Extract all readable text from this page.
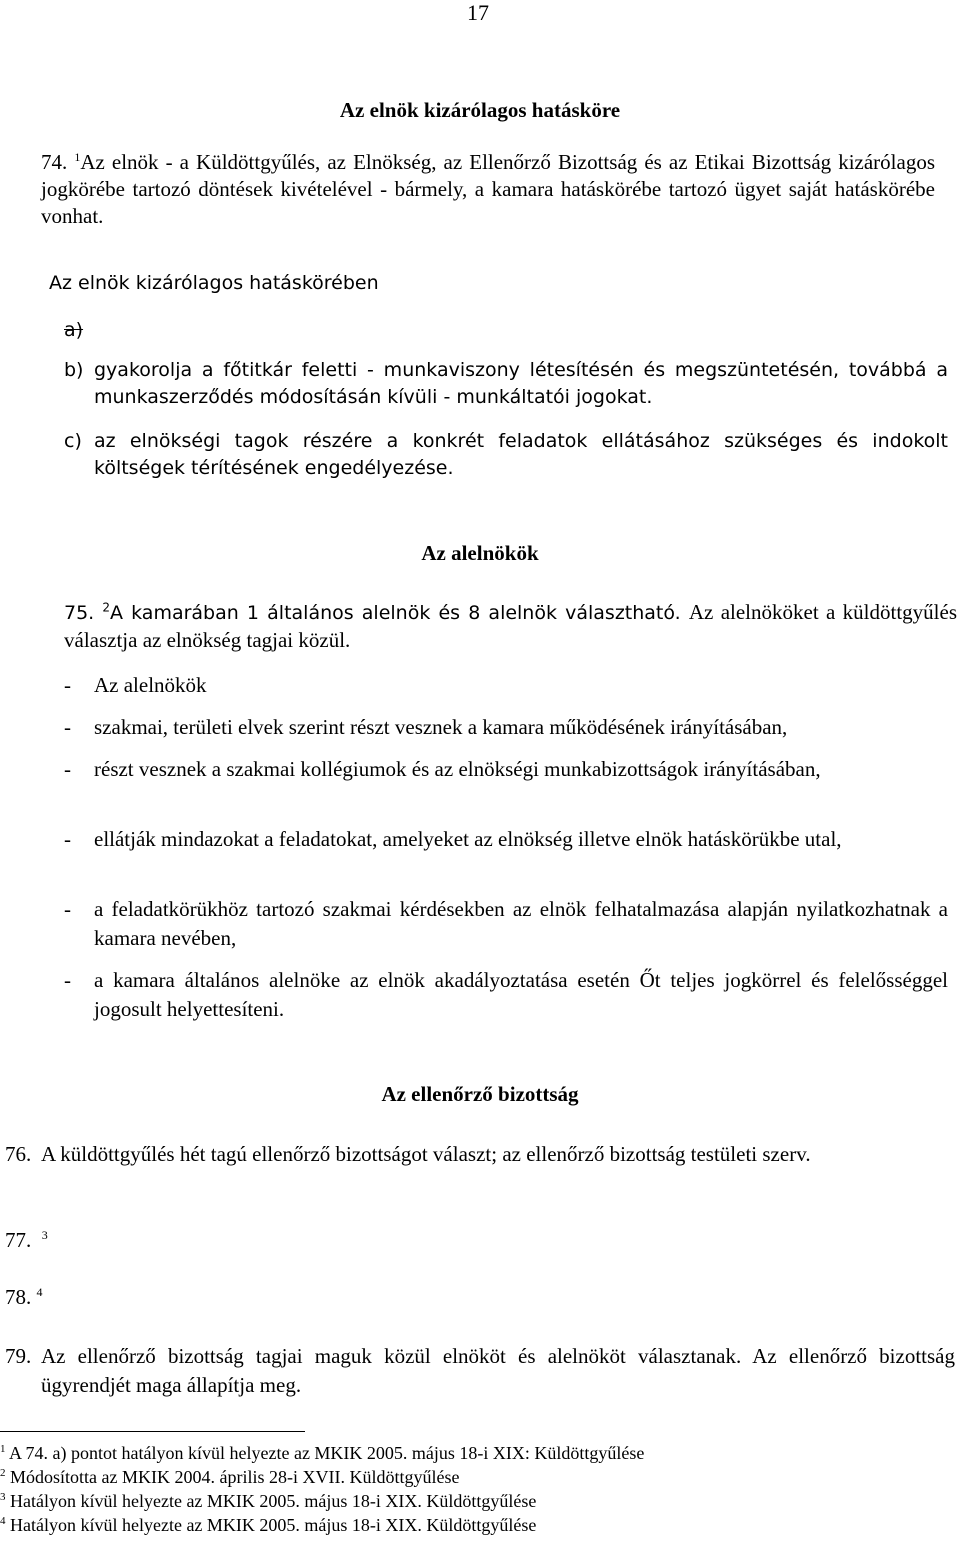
17
Az elnök kizárólagos hatásköre

74. $^1$Az elnök - a Küldöttgyűlés, az Elnökség, az Ellenőrző Bizottság és az Etikai Bizottság kizárólagos jogkörébe tartozó döntések kivételével - bármely, a kamara hatáskörébe tartozó ügyet saját hatáskörébe vonhat.

Az elnök kizárólagos hatáskörében

a)
b) gyakorolja a főtitkár feletti - munkaviszony létesítésén és megszüntetésén, továbbá a munkaszerződés módosításán kívüli - munkáltatói jogokat.
c) az elnökségi tagok részére a konkrét feladatok ellátásához szükséges és indokolt költségek térítésének engedélyezése.
Az alelnökök

75. $^2$A kamarában 1 általános alelnök és 8 alelnök választható. Az alelnököket a küldöttgyűlés választja az elnökség tagjai közül.

- Az alelnökök
- szakmai, területi elvek szerint részt vesznek a kamara működésének irányításában,
- részt vesznek a szakmai kollégiumok és az elnökségi munkabizottságok irányításában,
- ellátják mindazokat a feladatokat, amelyeket az elnökség illetve elnök hatáskörükbe utal,
- a feladatkörükhöz tartozó szakmai kérdésekben az elnök felhatalmazása alapján nyilatkozhatnak a kamara nevében,
- a kamara általános alelnöke az elnök akadályoztatása esetén Őt teljes jogkörrel és felelősséggel jogosult helyettesíteni.
Az ellenőrző bizottság
76. A küldöttgyűlés hét tagú ellenőrző bizottságot választ; az ellenőrző bizottság testületi szerv.

77. $^3$

78. $^4$

79. Az ellenőrző bizottság tagjai maguk közül elnököt és alelnököt választanak. Az ellenőrző bizottság ügyrendjét maga állapítja meg.

$^1$ A 74. a) pontot hatályon kívül helyezte az MKIK 2005. május 18-i XIX: Küldöttgyűlése

$^2$ Módosította az MKIK 2004. április 28-i XVII. Küldöttgyűlése

$^3$ Hatályon kívül helyezte az MKIK 2005. május 18-i XIX. Küldöttgyűlése

$^4$ Hatályon kívül helyezte az MKIK 2005. május 18-i XIX. Küldöttgyűlése
